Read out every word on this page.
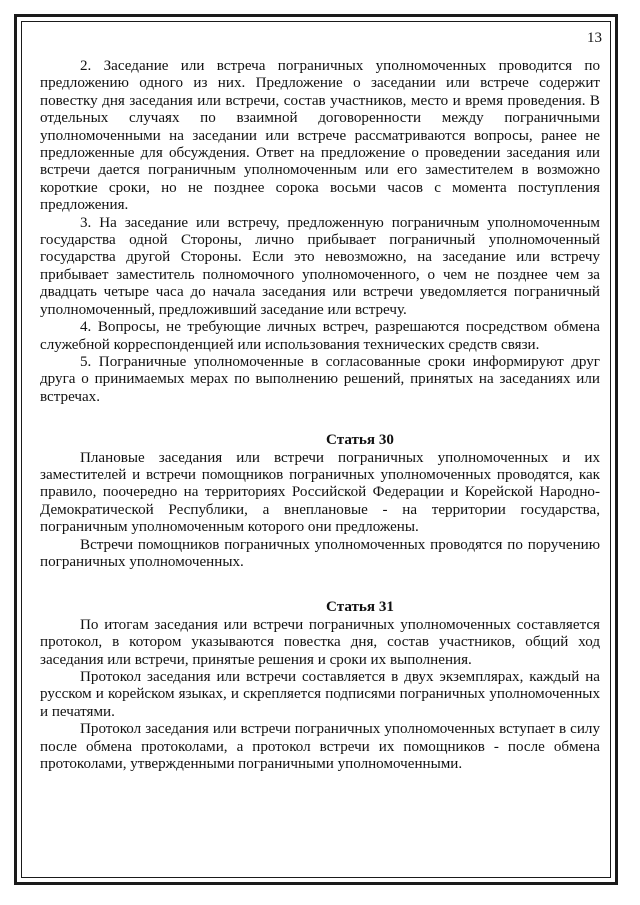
13

2. Заседание или встреча пограничных уполномоченных проводится по предложению одного из них. Предложение о заседании или встрече содержит повестку дня заседания или встречи, состав участников, место и время проведения. В отдельных случаях по взаимной договоренности между пограничными уполномоченными на заседании или встрече рассматриваются вопросы, ранее не предложенные для обсуждения. Ответ на предложение о проведении заседания или встречи дается пограничным уполномоченным или его заместителем в возможно короткие сроки, но не позднее сорока восьми часов с момента поступления предложения.

3. На заседание или встречу, предложенную пограничным уполномоченным государства одной Стороны, лично прибывает пограничный уполномоченный государства другой Стороны. Если это невозможно, на заседание или встречу прибывает заместитель полномочного уполномоченного, о чем не позднее чем за двадцать четыре часа до начала заседания или встречи уведомляется пограничный уполномоченный, предложивший заседание или встречу.

4. Вопросы, не требующие личных встреч, разрешаются посредством обмена служебной корреспонденцией или использования технических средств связи.

5. Пограничные уполномоченные в согласованные сроки информируют друг друга о принимаемых мерах по выполнению решений, принятых на заседаниях или встречах.

Статья 30

Плановые заседания или встречи пограничных уполномоченных и их заместителей и встречи помощников пограничных уполномоченных проводятся, как правило, поочередно на территориях Российской Федерации и Корейской Народно-Демократической Республики, а внеплановые - на территории государства, пограничным уполномоченным которого они предложены.

Встречи помощников пограничных уполномоченных проводятся по поручению пограничных уполномоченных.

Статья 31

По итогам заседания или встречи пограничных уполномоченных составляется протокол, в котором указываются повестка дня, состав участников, общий ход заседания или встречи, принятые решения и сроки их выполнения.

Протокол заседания или встречи составляется в двух экземплярах, каждый на русском и корейском языках, и скрепляется подписями пограничных уполномоченных и печатями.

Протокол заседания или встречи пограничных уполномоченных вступает в силу после обмена протоколами, а протокол встречи их помощников - после обмена протоколами, утвержденными пограничными уполномоченными.
